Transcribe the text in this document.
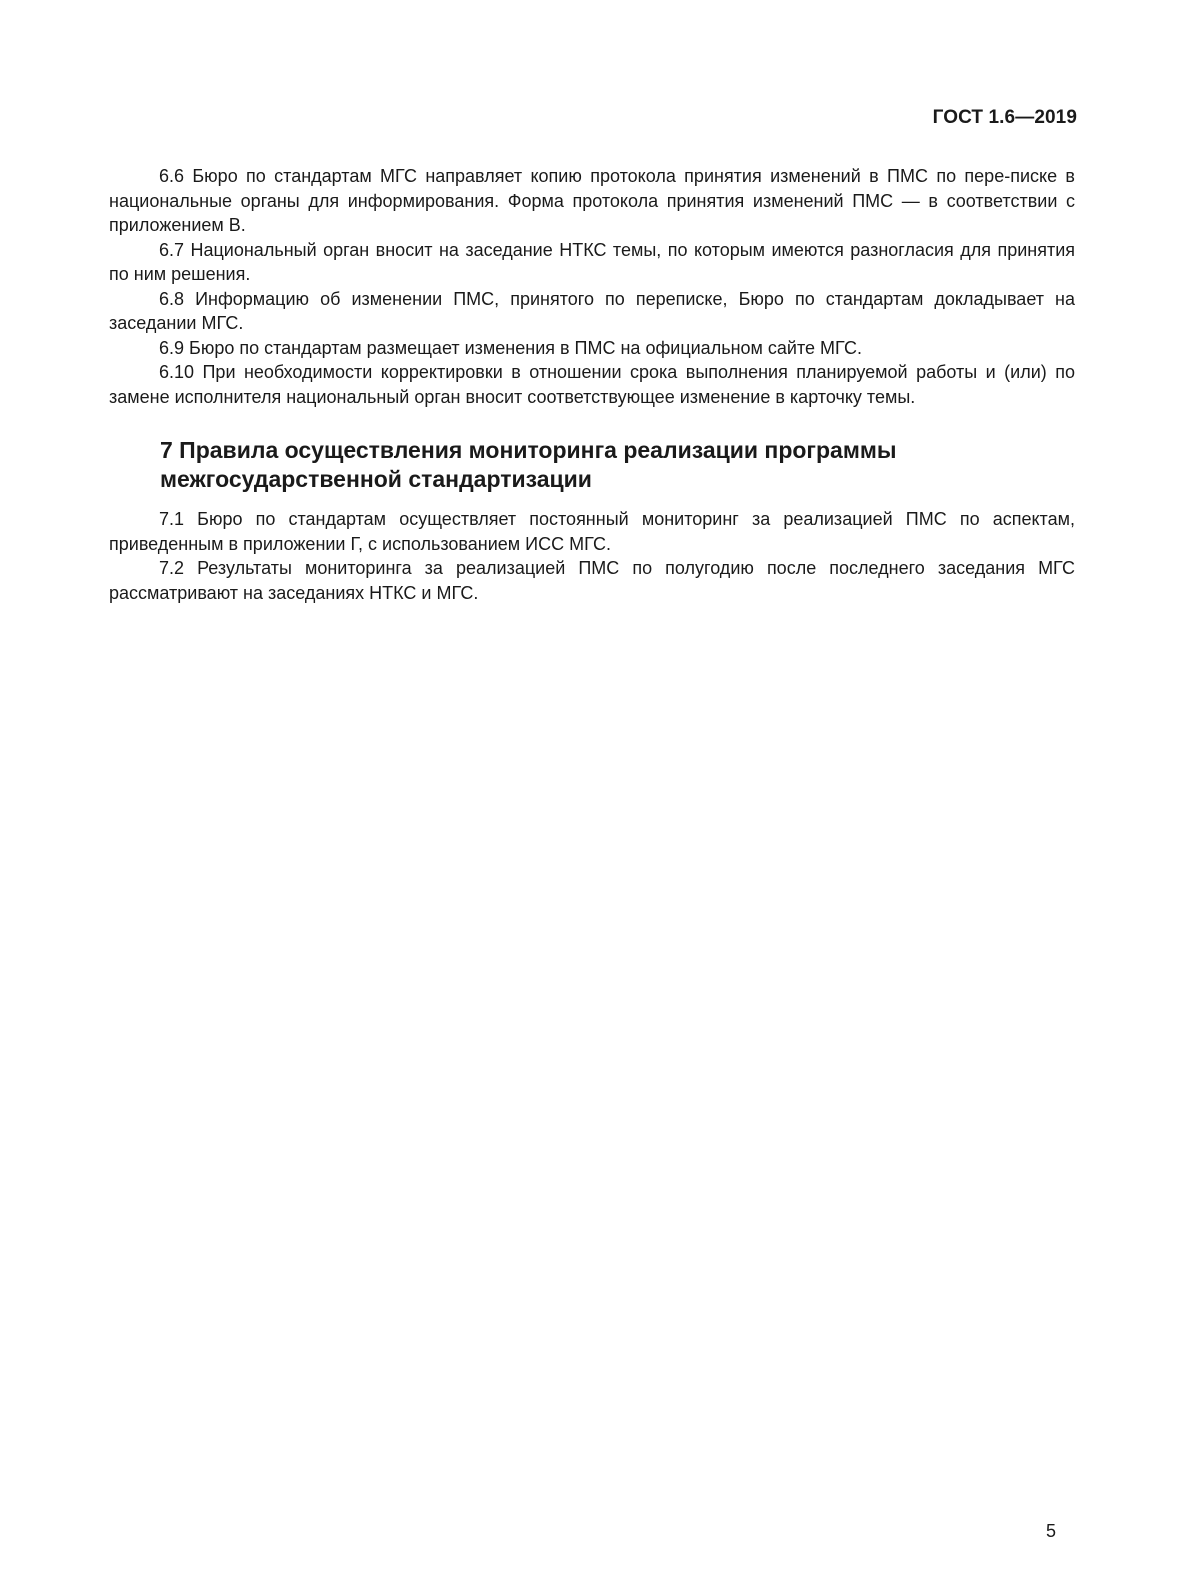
ГОСТ 1.6—2019

6.6 Бюро по стандартам МГС направляет копию протокола принятия изменений в ПМС по пере-писке в национальные органы для информирования. Форма протокола принятия изменений ПМС — в соответствии с приложением В.

6.7 Национальный орган вносит на заседание НТКС темы, по которым имеются разногласия для принятия по ним решения.

6.8 Информацию об изменении ПМС, принятого по переписке, Бюро по стандартам докладывает на заседании МГС.

6.9 Бюро по стандартам размещает изменения в ПМС на официальном сайте МГС.

6.10 При необходимости корректировки в отношении срока выполнения планируемой работы и (или) по замене исполнителя национальный орган вносит соответствующее изменение в карточку темы.

7 Правила осуществления мониторинга реализации программы межгосударственной стандартизации

7.1 Бюро по стандартам осуществляет постоянный мониторинг за реализацией ПМС по аспектам, приведенным в приложении Г, с использованием ИСС МГС.

7.2 Результаты мониторинга за реализацией ПМС по полугодию после последнего заседания МГС рассматривают на заседаниях НТКС и МГС.

5
